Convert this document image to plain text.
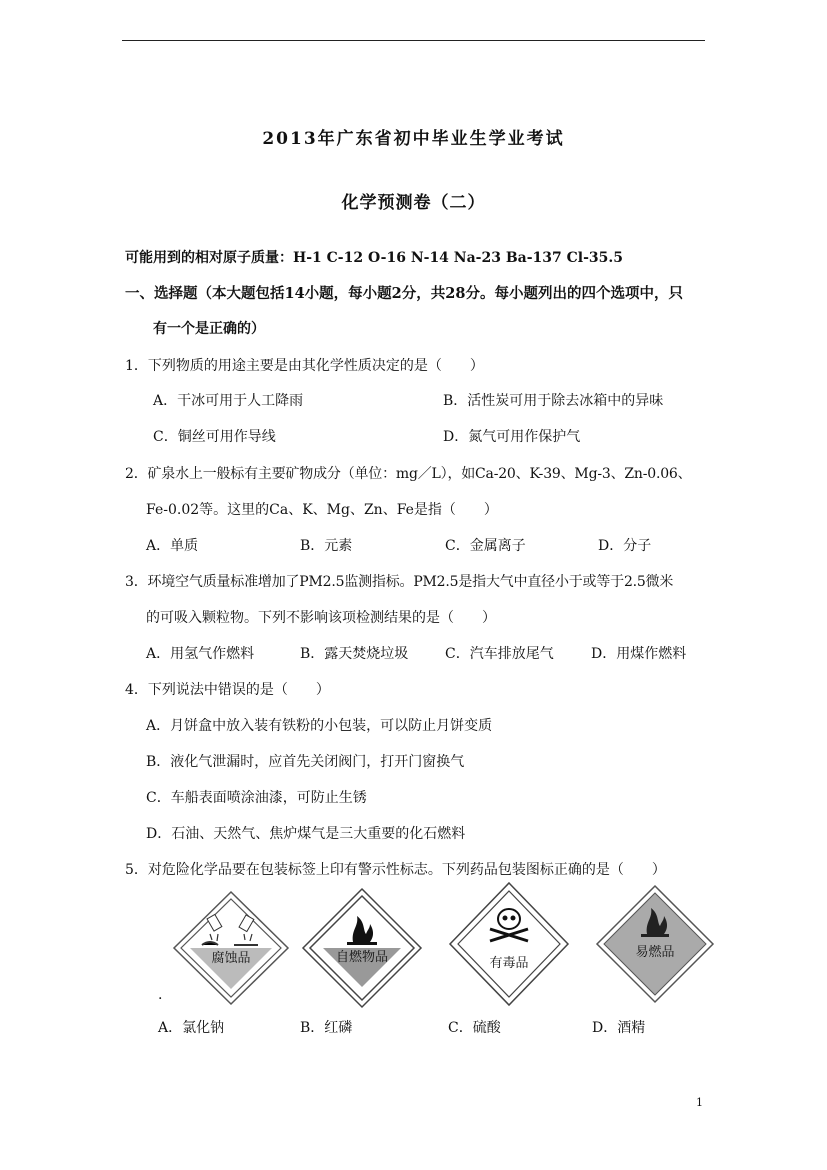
2013年广东省初中毕业生学业考试
化学预测卷（二）
可能用到的相对原子质量：H-1 C-12 O-16 N-14 Na-23 Ba-137 Cl-35.5
一、选择题（本大题包括14小题，每小题2分，共28分。每小题列出的四个选项中，只
有一个是正确的）
1．下列物质的用途主要是由其化学性质决定的是（　　）
A．干冰可用于人工降雨	B．活性炭可用于除去冰箱中的异味
C．铜丝可用作导线	D．氮气可用作保护气
2．矿泉水上一般标有主要矿物成分（单位：mg／L），如Ca-20、K-39、Mg-3、Zn-0.06、
Fe-0.02等。这里的Ca、K、Mg、Zn、Fe是指（　　）
A．单质	B．元素	C．金属离子	D．分子
3．环境空气质量标准增加了PM2.5监测指标。PM2.5是指大气中直径小于或等于2.5微米
的可吸入颗粒物。下列不影响该项检测结果的是（　　）
A．用氢气作燃料	B．露天焚烧垃圾	C．汽车排放尾气	D．用煤作燃料
4．下列说法中错误的是（　　）
A．月饼盒中放入装有铁粉的小包装，可以防止月饼变质
B．液化气泄漏时，应首先关闭阀门，打开门窗换气
C．车船表面喷涂油漆，可防止生锈
D．石油、天然气、焦炉煤气是三大重要的化石燃料
5．对危险化学品要在包装标签上印有警示性标志。下列药品包装图标正确的是（　　）
腐蚀品	自燃物品	有毒品
易燃品
.
A．氯化钠	B．红磷	C．硫酸	D．酒精
1
